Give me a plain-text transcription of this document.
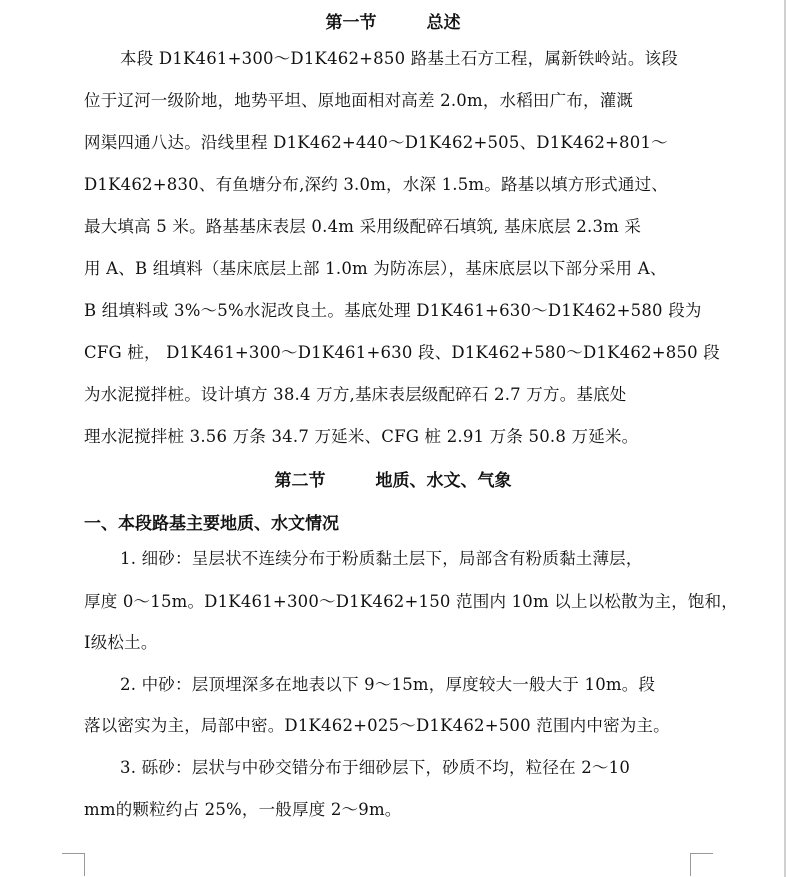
第一节	总述
本段 D1K461+300～D1K462+850 路基土石方工程，属新铁岭站。该段
位于辽河一级阶地，地势平坦、原地面相对高差 2.0m，水稻田广布，灌溉
网渠四通八达。沿线里程 D1K462+440～D1K462+505、D1K462+801～
D1K462+830、有鱼塘分布,深约 3.0m，水深 1.5m。路基以填方形式通过、
最大填高 5 米。路基基床表层 0.4m 采用级配碎石填筑, 基床底层 2.3m 采
用 A、B 组填料（基床底层上部 1.0m 为防冻层），基床底层以下部分采用 A、
B 组填料或 3%～5%水泥改良土。基底处理 D1K461+630～D1K462+580 段为
CFG 桩， D1K461+300～D1K461+630 段、D1K462+580～D1K462+850 段
为水泥搅拌桩。设计填方 38.4 万方,基床表层级配碎石 2.7 万方。基底处
理水泥搅拌桩 3.56 万条 34.7 万延米、CFG 桩 2.91 万条 50.8 万延米。
第二节	地质、水文、气象
一、本段路基主要地质、水文情况
1. 细砂：呈层状不连续分布于粉质黏土层下，局部含有粉质黏土薄层，
厚度 0～15m。D1K461+300～D1K462+150 范围内 10m 以上以松散为主，饱和，
Ⅰ级松土。
2. 中砂：层顶埋深多在地表以下 9～15m，厚度较大一般大于 10m。段
落以密实为主，局部中密。D1K462+025～D1K462+500 范围内中密为主。
3. 砾砂：层状与中砂交错分布于细砂层下，砂质不均，粒径在 2～10
mm的颗粒约占 25%，一般厚度 2～9m。
